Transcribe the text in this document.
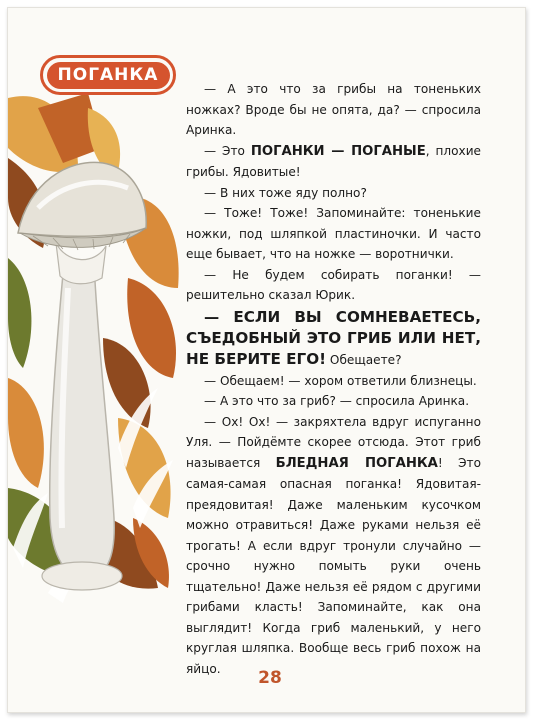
ПОГАНКА

— А это что за грибы на тоненьких ножках? Вроде бы не опята, да? — спросила Аринка.

— Это ПОГАНКИ — ПОГАНЫЕ, плохие грибы. Ядовитые!

— В них тоже яду полно?

— Тоже! Тоже! Запоминайте: тоненькие ножки, под шляпкой пластиночки. И часто еще бывает, что на ножке — воротнички.

— Не будем собирать поганки! — решительно сказал Юрик.

— ЕСЛИ ВЫ СОМНЕВАЕТЕСЬ, СЪЕДОБНЫЙ ЭТО ГРИБ ИЛИ НЕТ, НЕ БЕРИТЕ ЕГО! Обещаете?

— Обещаем! — хором ответили близнецы.

— А это что за гриб? — спросила Аринка.

— Ох! Ох! — закряхтела вдруг испуганно Уля. — Пойдёмте скорее отсюда. Этот гриб называется БЛЕДНАЯ ПОГАНКА! Это самая-самая опасная поганка! Ядовитая-преядовитая! Даже маленьким кусочком можно отравиться! Даже руками нельзя её трогать! А если вдруг тронули случайно — срочно нужно помыть руки очень тщательно! Даже нельзя её рядом с другими грибами класть! Запоминайте, как она выглядит! Когда гриб маленький, у него круглая шляпка. Вообще весь гриб похож на яйцо.	28
